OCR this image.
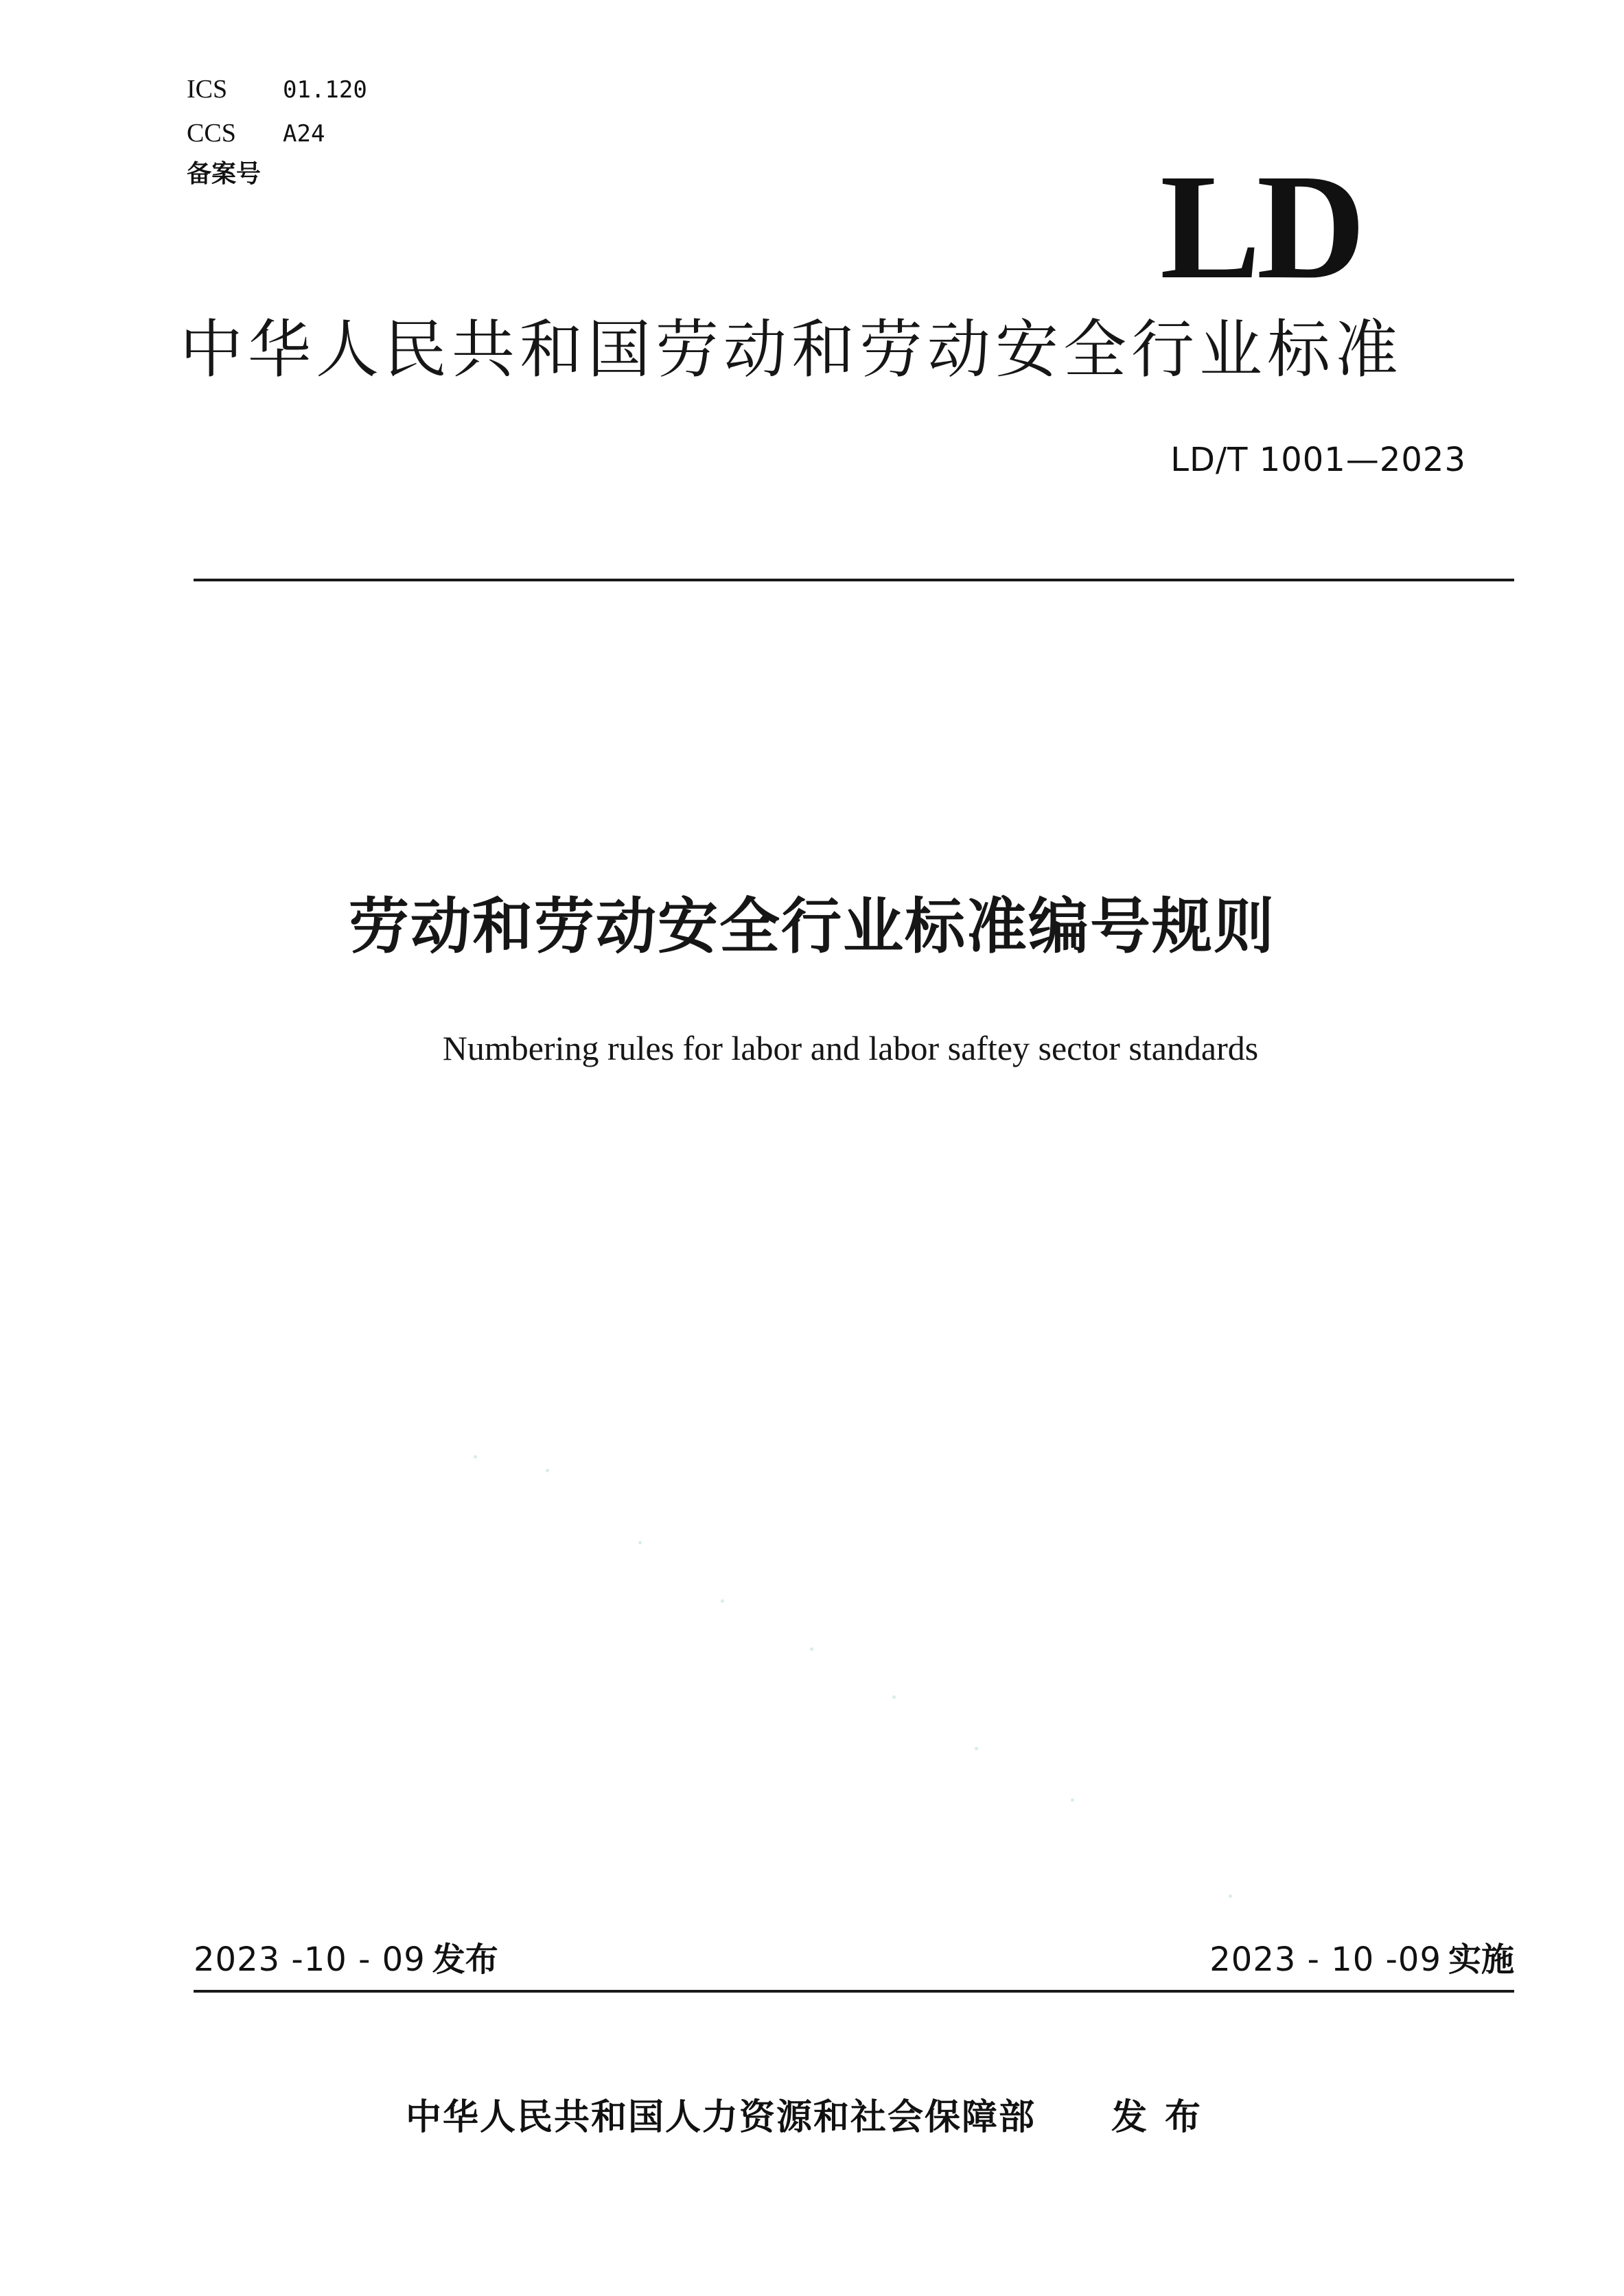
ICS 01.120
CCS A24
备案号	LD
中华人民共和国劳动和劳动安全行业标准
LD/T 1001—2023
劳动和劳动安全行业标准编号规则
Numbering rules for labor and labor saftey sector standards
2023 -10 - 09 发布	2023 - 10 -09 实施
中华人民共和国人力资源和社会保障部 发布
